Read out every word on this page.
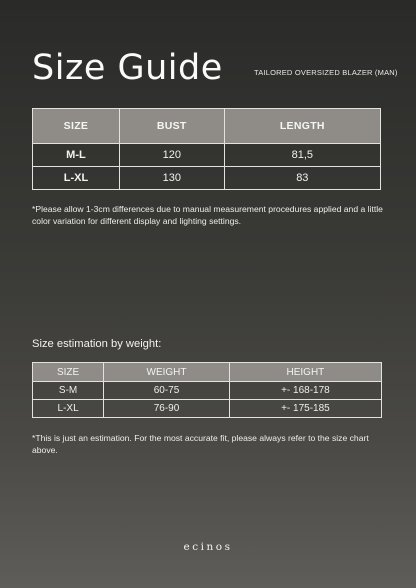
Size Guide	TAILORED OVERSIZED BLAZER (MAN)
SIZE	BUST	LENGTH
M-L	120	81,5
L-XL	130	83

*Please allow 1-3cm differences due to manual measurement procedures applied and a little color variation for different display and lighting settings.

Size estimation by weight:
SIZE	WEIGHT	HEIGHT
S-M	60-75	+- 168-178
L-XL	76-90	+- 175-185

*This is just an estimation. For the most accurate fit, please always refer to the size chart above.

ecinos
